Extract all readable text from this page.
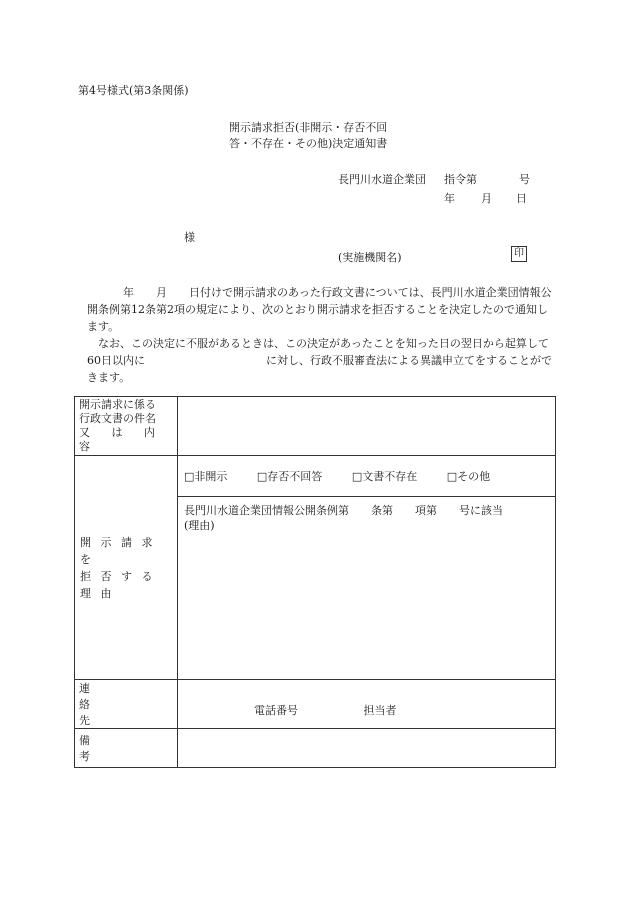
第4号様式(第3条関係)
開示請求拒否(非開示・存否不回
答・不存在・その他)決定通知書
長門川水道企業団	指令第	号
年	月	日
様
(実施機関名)	印

年　　月　　日付けで開示請求のあった行政文書については、長門川水道企業団情報公開条例第12条第2項の規定により、次のとおり開示請求を拒否することを決定したので通知します。

なお、この決定に不服があるときは、この決定があったことを知った日の翌日から起算して60日以内に　　　　　　　　　　　に対し、行政不服審査法による異議申立てをすることができます。

開示請求に係る
行政文書の件名
又 は 内 容	

開 示 請 求 を
拒 否 す る 理 由	□非開示 □存否不回答 □文書不存在 □その他

	長門川水道企業団情報公開条例第　　条第　　項第　　号に該当
(理由)

連　絡　先	電話番号 担当者

備　　考	
